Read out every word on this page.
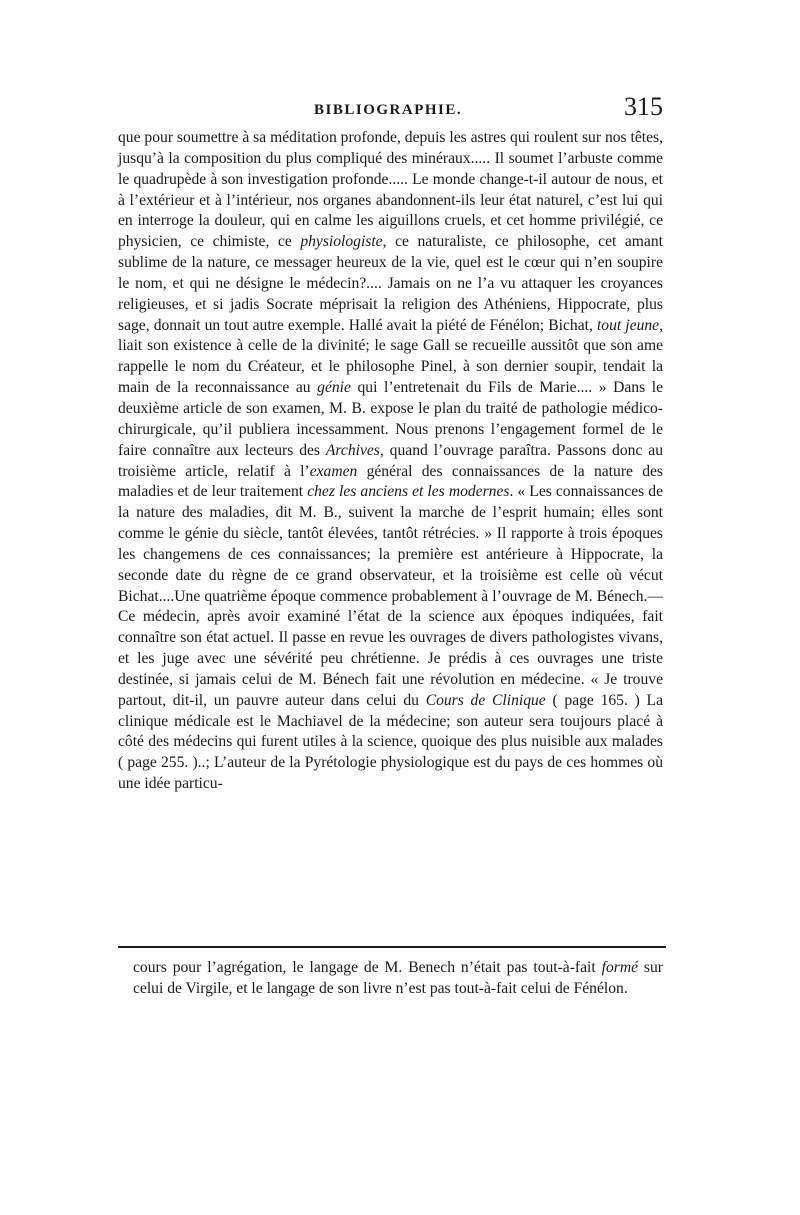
BIBLIOGRAPHIE.	315

que pour soumettre à sa méditation profonde, depuis les astres qui roulent sur nos têtes, jusqu’à la composition du plus compliqué des minéraux..... Il soumet l’arbuste comme le quadrupède à son investigation profonde..... Le monde change-t-il autour de nous, et à l’extérieur et à l’intérieur, nos organes abandonnent-ils leur état naturel, c’est lui qui en interroge la douleur, qui en calme les aiguillons cruels, et cet homme privilégié, ce physicien, ce chimiste, ce physiologiste, ce naturaliste, ce philosophe, cet amant sublime de la nature, ce messager heureux de la vie, quel est le cœur qui n’en soupire le nom, et qui ne désigne le médecin?.... Jamais on ne l’a vu attaquer les croyances religieuses, et si jadis Socrate méprisait la religion des Athéniens, Hippocrate, plus sage, donnait un tout autre exemple. Hallé avait la piété de Fénélon; Bichat, tout jeune, liait son existence à celle de la divinité; le sage Gall se recueille aussitôt que son ame rappelle le nom du Créateur, et le philosophe Pinel, à son dernier soupir, tendait la main de la reconnaissance au génie qui l’entretenait du Fils de Marie.... » Dans le deuxième article de son examen, M. B. expose le plan du traité de pathologie médico-chirurgicale, qu’il publiera incessamment. Nous prenons l’engagement formel de le faire connaître aux lecteurs des Archives, quand l’ouvrage paraîtra. Passons donc au troisième article, relatif à l’examen général des connaissances de la nature des maladies et de leur traitement chez les anciens et les modernes. « Les connaissances de la nature des maladies, dit M. B., suivent la marche de l’esprit humain; elles sont comme le génie du siècle, tantôt élevées, tantôt rétrécies. » Il rapporte à trois époques les changemens de ces connaissances; la première est antérieure à Hippocrate, la seconde date du règne de ce grand observateur, et la troisième est celle où vécut Bichat....Une quatrième époque commence probablement à l’ouvrage de M. Bénech.—Ce médecin, après avoir examiné l’état de la science aux époques indiquées, fait connaître son état actuel. Il passe en revue les ouvrages de divers pathologistes vivans, et les juge avec une sévérité peu chrétienne. Je prédis à ces ouvrages une triste destinée, si jamais celui de M. Bénech fait une révolution en médecine. « Je trouve partout, dit-il, un pauvre auteur dans celui du Cours de Clinique ( page 165. ) La clinique médicale est le Machiavel de la médecine; son auteur sera toujours placé à côté des médecins qui furent utiles à la science, quoique des plus nuisible aux malades ( page 255. )..; L’auteur de la Pyrétologie physiologique est du pays de ces hommes où une idée particu-

cours pour l’agrégation, le langage de M. Benech n’était pas tout-à-fait formé sur celui de Virgile, et le langage de son livre n’est pas tout-à-fait celui de Fénélon.
